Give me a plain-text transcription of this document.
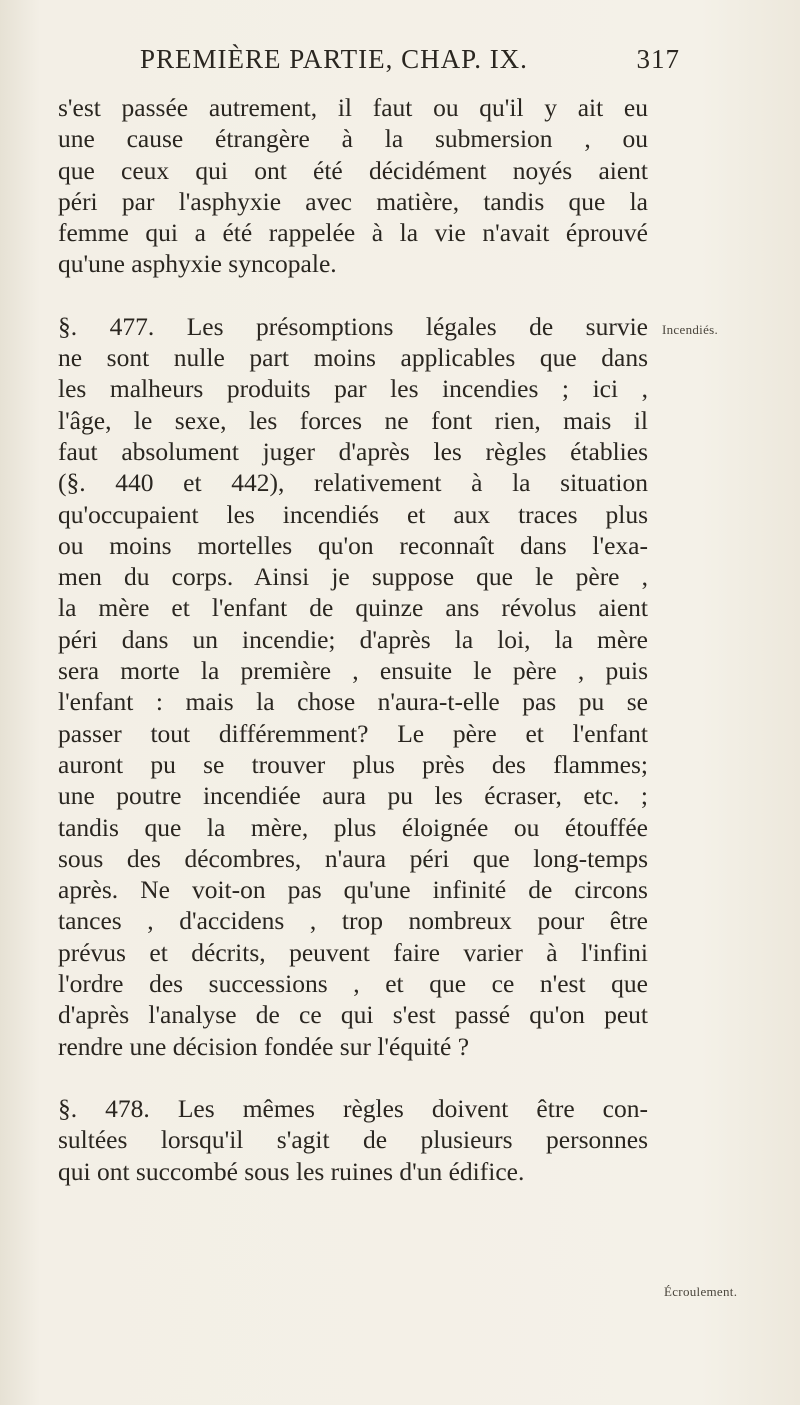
PREMIÈRE PARTIE, CHAP. IX.	317
s'est passée autrement, il faut ou qu'il y ait eu
une cause étrangère à la submersion , ou
que ceux qui ont été décidément noyés aient
péri par l'asphyxie avec matière, tandis que la
femme qui a été rappelée à la vie n'avait éprouvé
qu'une asphyxie syncopale.
§. 477. Les présomptions légales de survie
ne sont nulle part moins applicables que dans
les malheurs produits par les incendies ; ici ,
l'âge, le sexe, les forces ne font rien, mais il
faut absolument juger d'après les règles établies
(§. 440 et 442), relativement à la situation
qu'occupaient les incendiés et aux traces plus
ou moins mortelles qu'on reconnaît dans l'exa-
men du corps. Ainsi je suppose que le père ,
la mère et l'enfant de quinze ans révolus aient
péri dans un incendie; d'après la loi, la mère
sera morte la première , ensuite le père , puis
l'enfant : mais la chose n'aura-t-elle pas pu se
passer tout différemment? Le père et l'enfant
auront pu se trouver plus près des flammes;
une poutre incendiée aura pu les écraser, etc. ;
tandis que la mère, plus éloignée ou étouffée
sous des décombres, n'aura péri que long-temps
après. Ne voit-on pas qu'une infinité de circons
tances , d'accidens , trop nombreux pour être
prévus et décrits, peuvent faire varier à l'infini
l'ordre des successions , et que ce n'est que
d'après l'analyse de ce qui s'est passé qu'on peut
rendre une décision fondée sur l'équité ?
§. 478. Les mêmes règles doivent être con-
sultées lorsqu'il s'agit de plusieurs personnes
qui ont succombé sous les ruines d'un édifice.
Incendiés.
Écroulement.
